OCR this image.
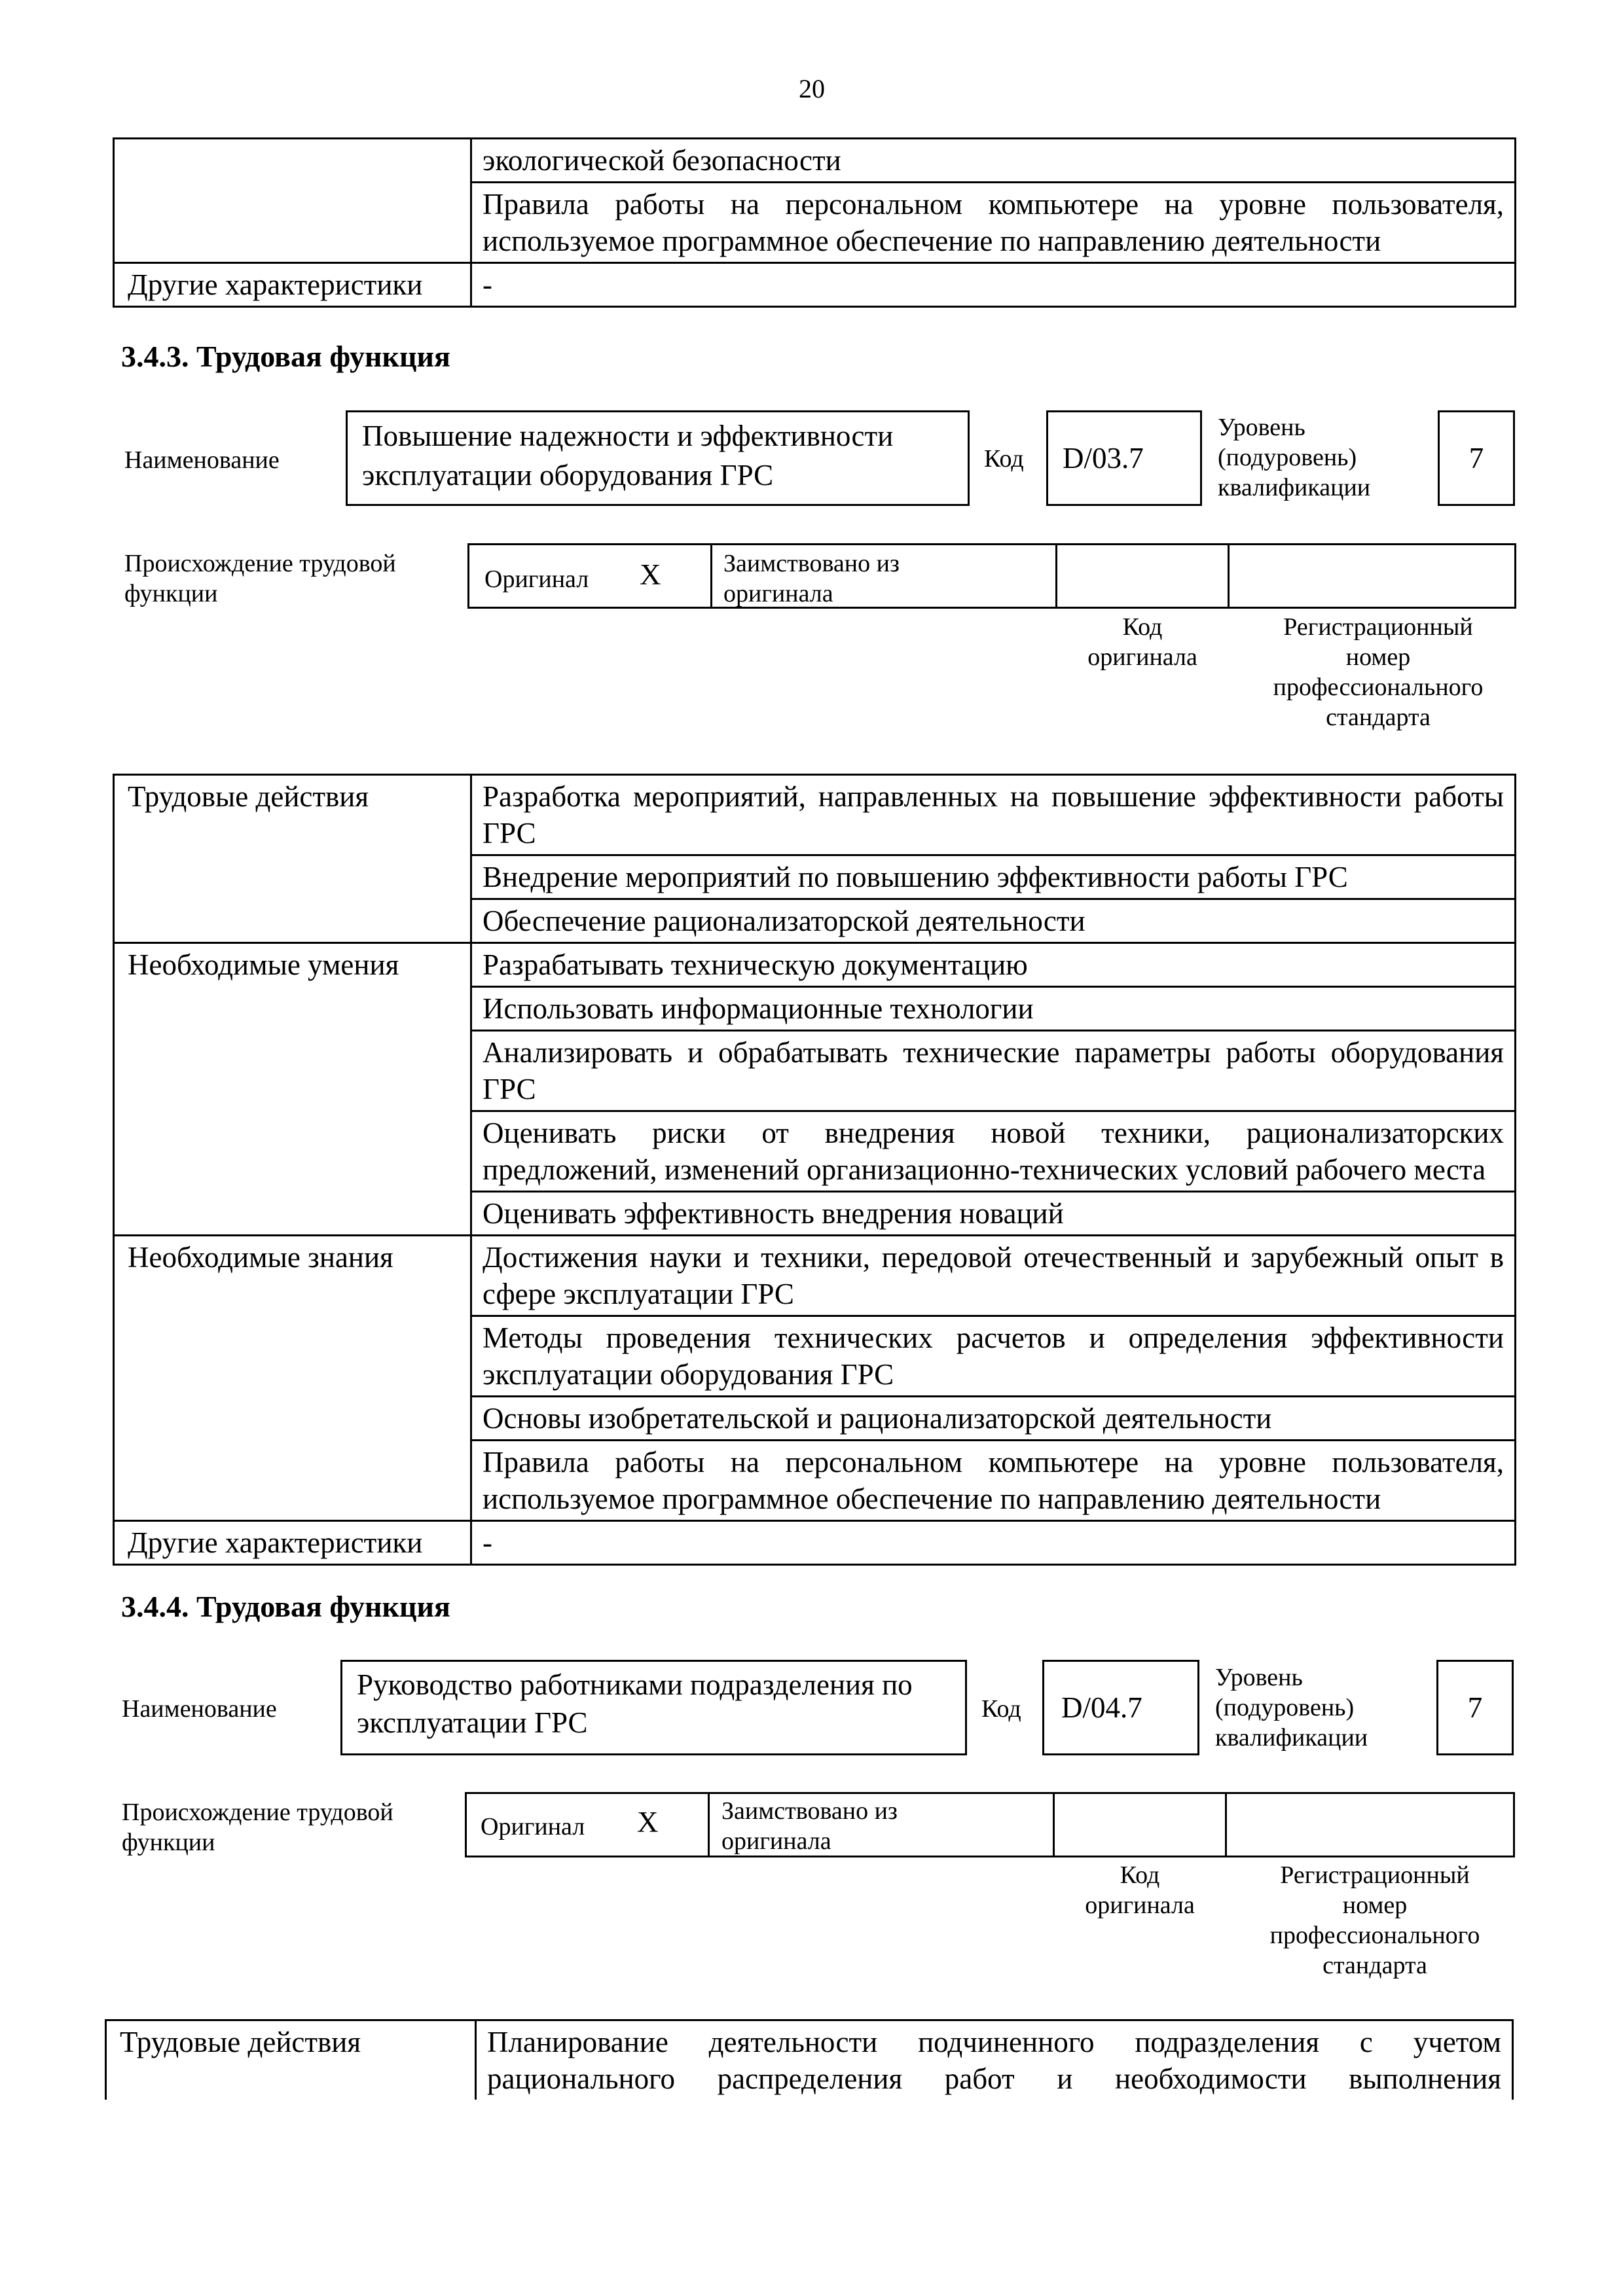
20
	экологической безопасности
	Правила работы на персональном компьютере на уровне пользователя, используемое программное обеспечение по направлению деятельности
Другие характеристики	-
3.4.3. Трудовая функция
Наименование
Повышение надежности и эффективности эксплуатации оборудования ГРС	Код D/03.7
Уровень (подуровень) квалификации
7
Происхождение трудовой функции
Оригинал X	Заимствовано из оригинала
Код оригинала
Регистрационный номер профессионального стандарта
Трудовые действия	Разработка мероприятий, направленных на повышение эффективности работы ГРС
	Внедрение мероприятий по повышению эффективности работы ГРС
	Обеспечение рационализаторской деятельности
Необходимые умения	Разрабатывать техническую документацию
	Использовать информационные технологии
	Анализировать и обрабатывать технические параметры работы оборудования ГРС
	Оценивать риски от внедрения новой техники, рационализаторских предложений, изменений организационно-технических условий рабочего места
	Оценивать эффективность внедрения новаций
Необходимые знания	Достижения науки и техники, передовой отечественный и зарубежный опыт в сфере эксплуатации ГРС
	Методы проведения технических расчетов и определения эффективности эксплуатации оборудования ГРС
	Основы изобретательской и рационализаторской деятельности
	Правила работы на персональном компьютере на уровне пользователя, используемое программное обеспечение по направлению деятельности
Другие характеристики	-
3.4.4. Трудовая функция
Наименование
Руководство работниками подразделения по эксплуатации ГРС	Код D/04.7
Уровень (подуровень) квалификации
7
Происхождение трудовой функции
Оригинал X	Заимствовано из оригинала
Код оригинала
Регистрационный номер профессионального стандарта
Трудовые действия	Планирование деятельности подчиненного подразделения с учетом рационального распределения работ и необходимости выполнения
